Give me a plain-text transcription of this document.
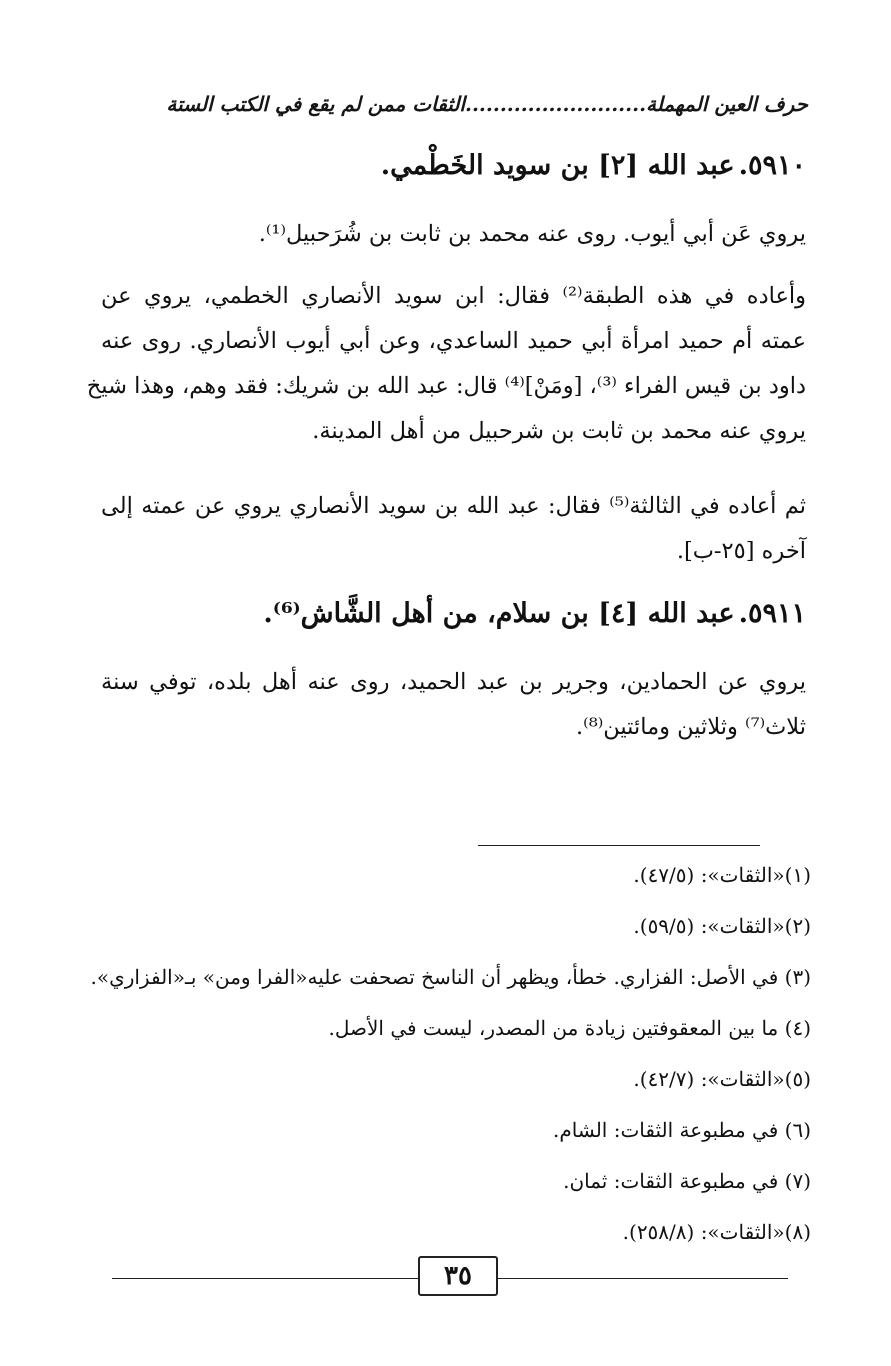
حرف العين المهملة..........................الثقات ممن لم يقع في الكتب الستة
٥٩١٠.عبد الله [٢] بن سويد الخَطْمي.
يروي عَن أبي أيوب. روى عنه محمد بن ثابت بن شُرَحبيل⁽¹⁾.
وأعاده في هذه الطبقة⁽²⁾ فقال: ابن سويد الأنصاري الخطمي، يروي عن
عمته أم حميد امرأة أبي حميد الساعدي، وعن أبي أيوب الأنصاري. روى عنه
داود بن قيس الفراء ⁽³⁾، [ومَنْ]⁽⁴⁾ قال: عبد الله بن شريك: فقد وهم، وهذا شيخ
يروي عنه محمد بن ثابت بن شرحبيل من أهل المدينة.
ثم أعاده في الثالثة⁽⁵⁾ فقال: عبد الله بن سويد الأنصاري يروي عن عمته إلى
آخره [٢٥-ب].
٥٩١١.عبد الله [٤] بن سلام، من أهل الشَّاش⁽⁶⁾.
يروي عن الحمادين، وجرير بن عبد الحميد، روى عنه أهل بلده، توفي سنة
ثلاث⁽⁷⁾ وثلاثين ومائتين⁽⁸⁾.
(١)«الثقات»: (٤٧/٥).
(٢)«الثقات»: (٥٩/٥).
(٣) في الأصل: الفزاري. خطأ، ويظهر أن الناسخ تصحفت عليه«الفرا ومن» بـ«الفزاري».
(٤) ما بين المعقوفتين زيادة من المصدر، ليست في الأصل.
(٥)«الثقات»: (٤٢/٧).
(٦) في مطبوعة الثقات: الشام.
(٧) في مطبوعة الثقات: ثمان.
(٨)«الثقات»: (٢٥٨/٨).
٣٥
